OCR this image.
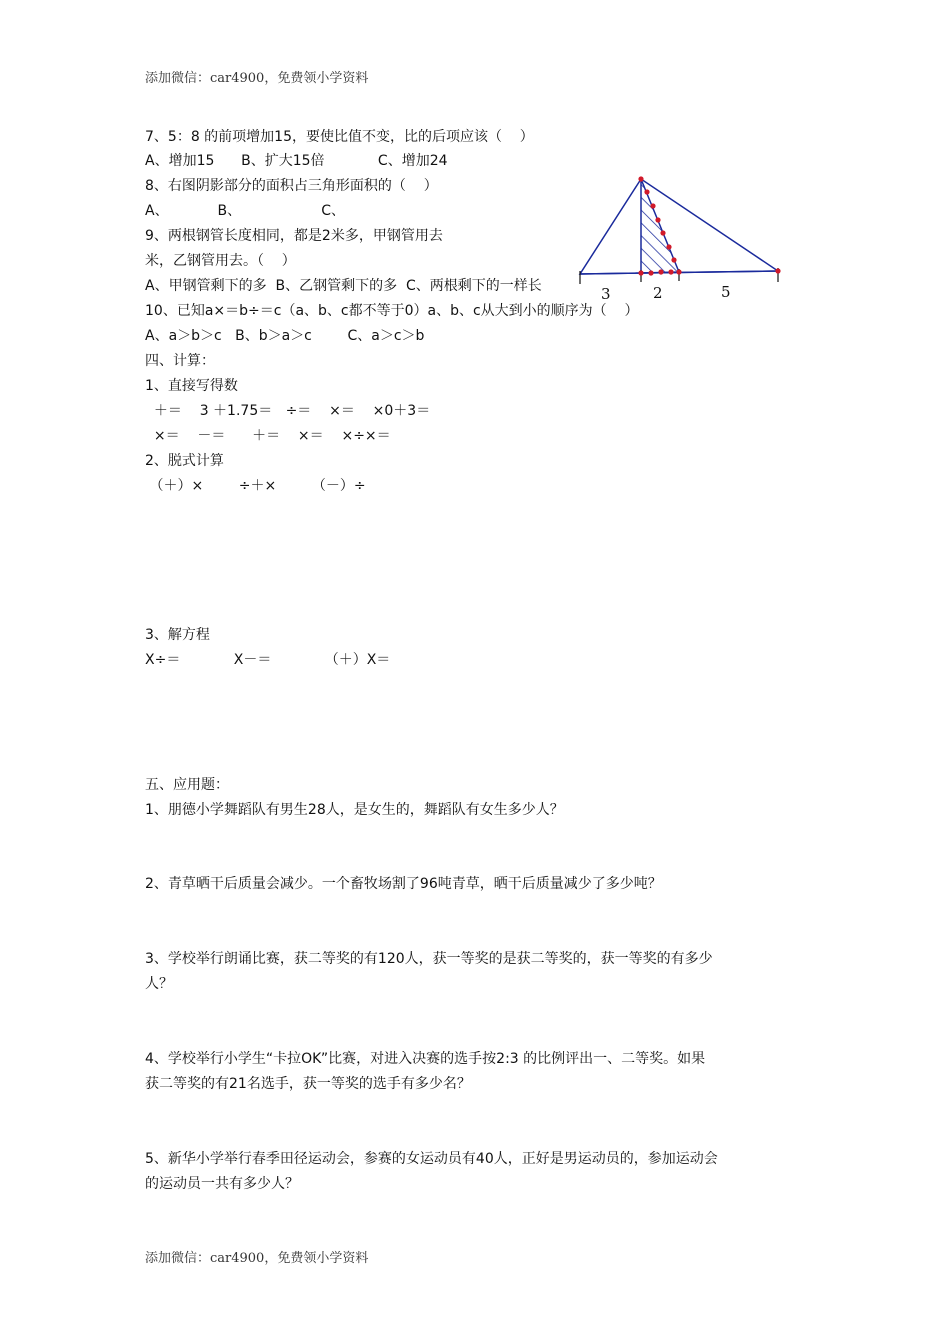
添加微信：car4900，免费领小学资料
7、5：8 的前项增加15，要使比值不变，比的后项应该（    ）
A、增加15      B、扩大15倍            C、增加24
8、右图阴影部分的面积占三角形面积的（    ）
A、           B、                  C、
9、两根钢管长度相同，都是2米多，甲钢管用去
米，乙钢管用去。（    ）
A、甲钢管剩下的多  B、乙钢管剩下的多  C、两根剩下的一样长
10、已知a×＝b÷＝c（a、b、c都不等于0）a、b、c从大到小的顺序为（    ）
A、a＞b＞c   B、b＞a＞c        C、a＞c＞b
四、计算：
1、直接写得数
＋＝    3 ＋1.75＝   ÷＝    ×＝    ×0＋3＝
×＝    －＝      ＋＝    ×＝    ×÷×＝
2、脱式计算
（＋）×        ÷＋×        （－）÷
3、解方程
X÷＝            X－＝            （＋）X＝
五、应用题：
1、朋德小学舞蹈队有男生28人，是女生的，舞蹈队有女生多少人？
2、青草晒干后质量会减少。一个畜牧场割了96吨青草，晒干后质量减少了多少吨？
3、学校举行朗诵比赛，获二等奖的有120人，获一等奖的是获二等奖的，获一等奖的有多少
人？
4、学校举行小学生“卡拉OK”比赛，对进入决赛的选手按2:3 的比例评出一、二等奖。如果
获二等奖的有21名选手，获一等奖的选手有多少名？
5、新华小学举行春季田径运动会，参赛的女运动员有40人，正好是男运动员的，参加运动会
的运动员一共有多少人？
3	2	5
添加微信：car4900，免费领小学资料
